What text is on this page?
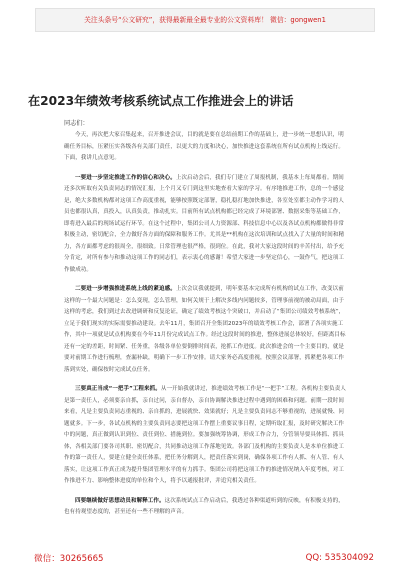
关注头条号“公文研究”，获得最新最全最专业的公文资料库！ 微信：gongwen1
在2023年绩效考核系统试点工作推进会上的讲话
同志们：

今天，再次把大家召集起来，召开推进会议，目的就是要在总结前期工作的基础上，进一步统一思想认识，明确任务目标，压紧压实各级各有关部门责任，以更大的力度和决心，加快推进这套系统在所有试点机构上线运行。下面，我讲几点意见。

一要进一步坚定推进工作的信心和决心。上次启动会后，我们专门建立了周报机制，我基本上每周都看。期间还多次听取有关负责同志的情况汇报，上个月又专门到这里实地查看大家的学习。有序地推进工作，总的一个感觉是，绝大多数机构都对这项工作高度重视，能够按照既定部署，稳扎稳打地加快推进，各室处室都主动作学习的人员也都很认真，真投入，认真负责，推动扎实。目前所有试点机构都已经完成了环境部署、数据采集等基础工作，即将进入最后的现场试运行环节。在这个过程中，集团公司人力资源部、科技信息中心以及各试点机构都做得非常积极主动，密切配合，全力做好各方面的保障和服务工作。尤其是**机构在这次培训和试点找入了大量的时间和精力，各方面都考虑的很周全，很细致。日常管理也很严格，很到位。在此，我对大家这段时间的辛苦付出，给予充分肯定，对所有参与和推动这项工作的同志们，表示衷心的感谢！希望大家进一步坚定信心，一鼓作气，把这项工作做成功。

二要进一步增强推进系统上线的紧迫感。上次会议我就提到，明年要基本完成所有机构的试点工作，改变以前这样的一个最大问题是：怎么变现，怎么管理，如何关规于上解决多线内问题较多，管理事前视的被动局面，由于这样的考虑，我们到过去改进调研和反复论证，确定了绩效考核这个突破口，并启动了“集团公司绩效考核系统”，立足于我们现实的实际需要推动建设。去年11月，集团召开全集团2023年的绩效考核工作会，部署了各项实施工作，其中一项就是试点机构要在今年11月份完成试点工作。经过这段时间的推进，整体进展总体较好，但距离目标还有一定的差距，时间紧、任务重，各级各单位要倒排时间表，抢抓工作进度。此次推进会的一个主要目的，就是要对前期工作进行梳理，查漏补缺，明确下一步工作安排。请大家务必高度重视，按照会议部署，抓紧把各项工作落到实处，确保按时完成试点任务。

三要真正当成“一把手”工程来抓。从一开始我就讲过，推进绩效考核工作是“一把手”工程。各机构主要负责人是第一责任人，必须要亲自抓，亲自过问，亲自督办，亲自协调解决推进过程中遇到的困难和问题。前期一段时间来看，凡是主要负责同志重视的、亲自抓的，进展就快、效果就好；凡是主要负责同志不够重视的，进展就慢、问题就多。下一步，各试点机构的主要负责同志要把这项工作摆上重要议事日程，定期听取汇报，及时研究解决工作中的问题，真正做到认识到位、责任到位、措施到位。要加强统筹协调，形成工作合力，分管领导要具体抓、抓具体，各相关部门要各司其职、密切配合，共同推动这项工作落地见效。各部门及机构的主要负责人是本单位推进工作的第一责任人，要建立健全责任体系，把任务分解到人，把责任落实到岗，确保各项工作有人抓、有人管、有人落实，让这项工作真正成为提升集团管理水平的有力抓手。集团公司将把这项工作的推进情况纳入年度考核，对工作推进不力、影响整体进度的单位和个人，将予以通报批评，并追究相关责任。

四要继续做好思想动员和解释工作。这次系统试点工作启动后，我透过各种渠道听到的反映，有积极支持的，也有持观望态度的，甚至还有一些不理解的声音。

微信：30265665	QQ: 535304092
